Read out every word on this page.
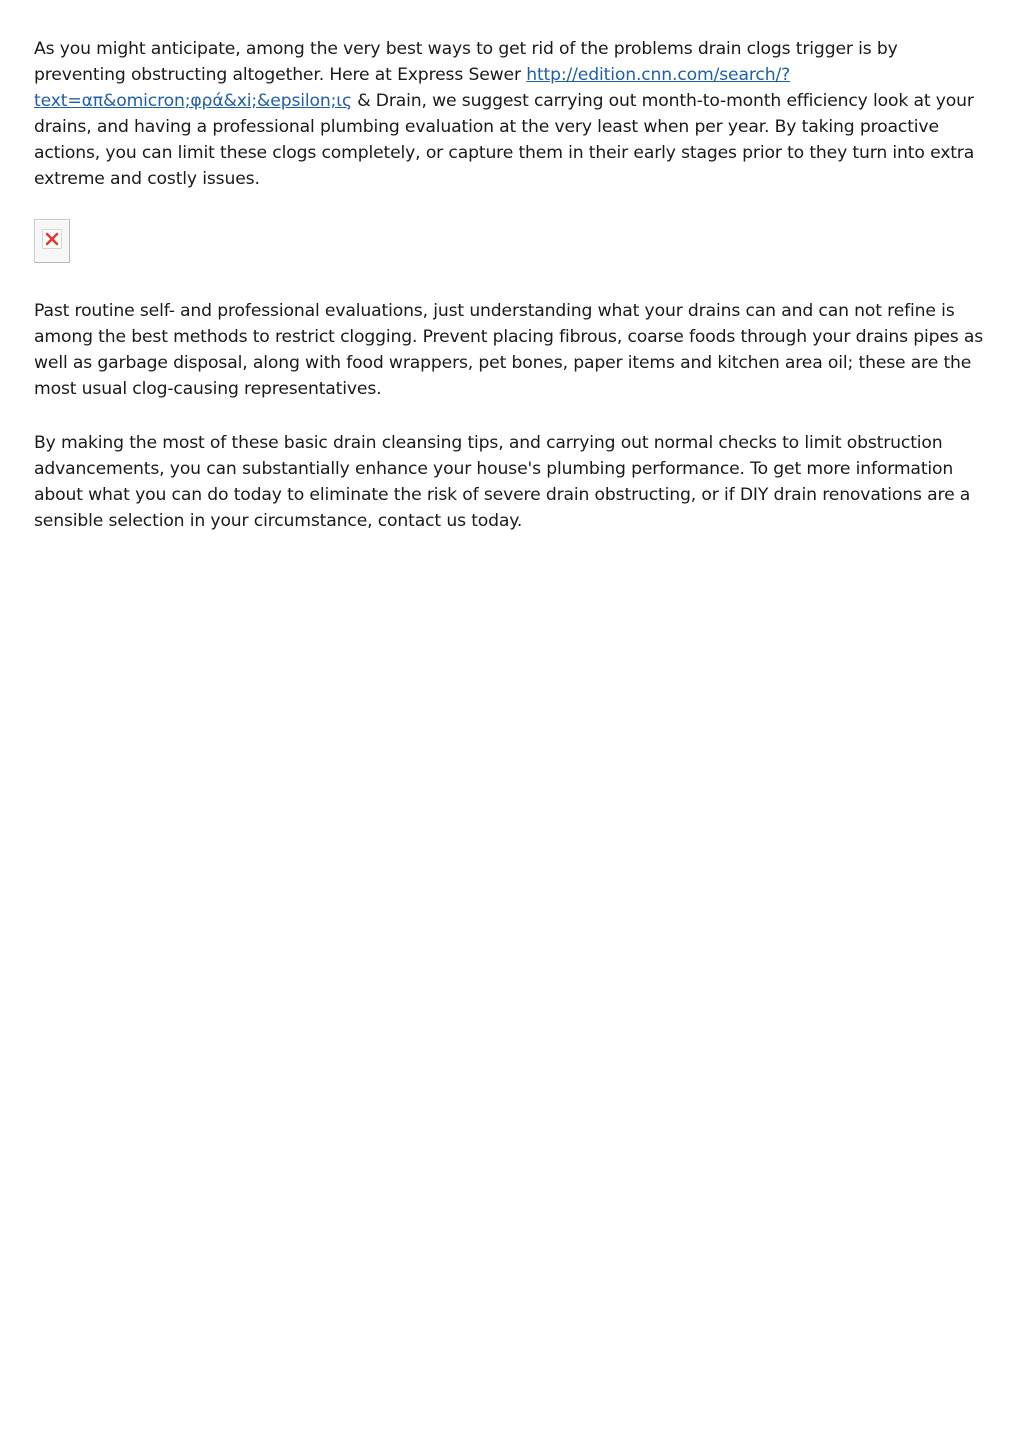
As you might anticipate, among the very best ways to get rid of the problems drain clogs trigger is by preventing obstructing altogether. Here at Express Sewer http://edition.cnn.com/search/?text=απ&omicron;φρά&xi;&epsilon;ις & Drain, we suggest carrying out month-to-month efficiency look at your drains, and having a professional plumbing evaluation at the very least when per year. By taking proactive actions, you can limit these clogs completely, or capture them in their early stages prior to they turn into extra extreme and costly issues.

Past routine self- and professional evaluations, just understanding what your drains can and can not refine is among the best methods to restrict clogging. Prevent placing fibrous, coarse foods through your drains pipes as well as garbage disposal, along with food wrappers, pet bones, paper items and kitchen area oil; these are the most usual clog-causing representatives.

By making the most of these basic drain cleansing tips, and carrying out normal checks to limit obstruction advancements, you can substantially enhance your house's plumbing performance. To get more information about what you can do today to eliminate the risk of severe drain obstructing, or if DIY drain renovations are a sensible selection in your circumstance, contact us today.
